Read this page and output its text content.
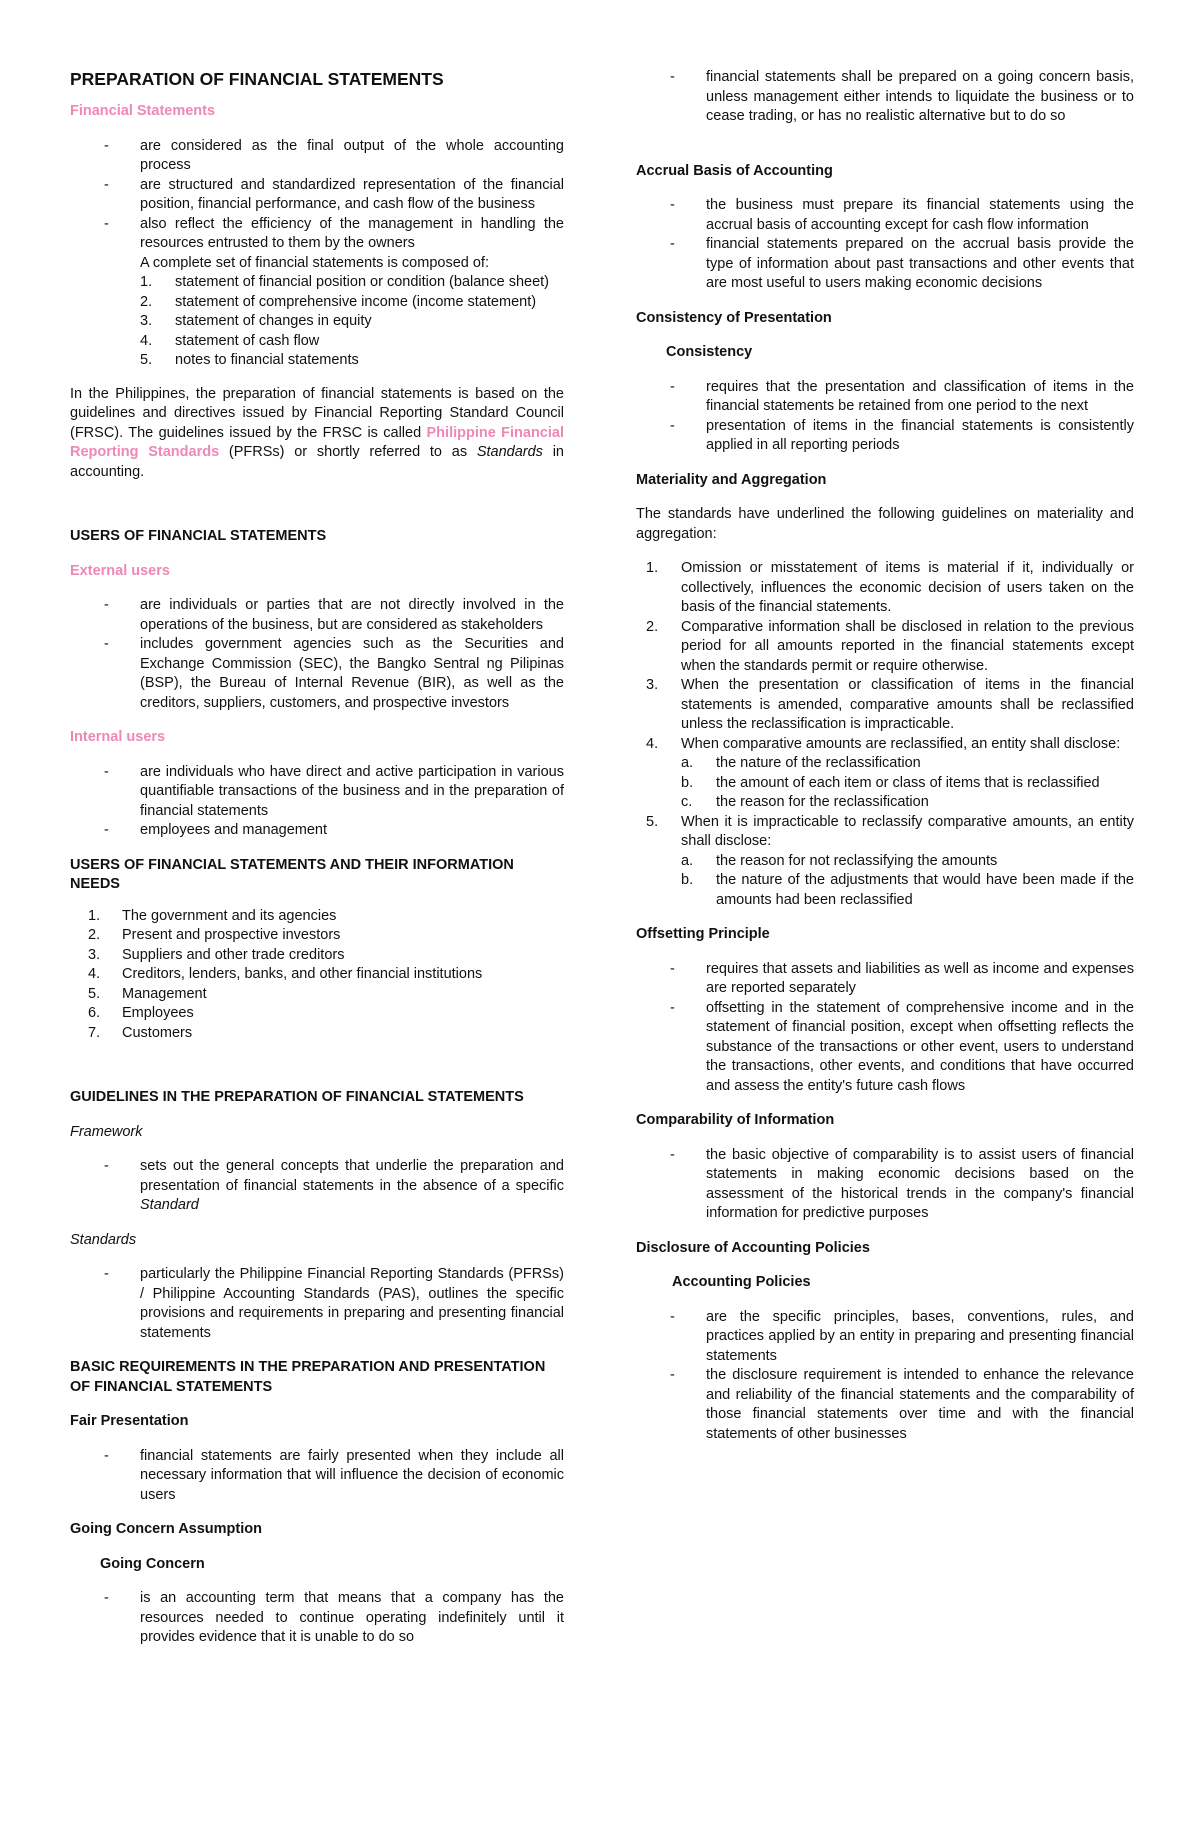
PREPARATION OF FINANCIAL STATEMENTS

Financial Statements

- are considered as the final output of the whole accounting process
- are structured and standardized representation of the financial position, financial performance, and cash flow of the business
- also reflect the efficiency of the management in handling the resources entrusted to them by the owners

A complete set of financial statements is composed of:

1. statement of financial position or condition (balance sheet)
2. statement of comprehensive income (income statement)
3. statement of changes in equity
4. statement of cash flow
5. notes to financial statements

In the Philippines, the preparation of financial statements is based on the guidelines and directives issued by Financial Reporting Standard Council (FRSC). The guidelines issued by the FRSC is called Philippine Financial Reporting Standards (PFRSs) or shortly referred to as Standards in accounting.

USERS OF FINANCIAL STATEMENTS

External users

- are individuals or parties that are not directly involved in the operations of the business, but are considered as stakeholders
- includes government agencies such as the Securities and Exchange Commission (SEC), the Bangko Sentral ng Pilipinas (BSP), the Bureau of Internal Revenue (BIR), as well as the creditors, suppliers, customers, and prospective investors

Internal users

- are individuals who have direct and active participation in various quantifiable transactions of the business and in the preparation of financial statements
- employees and management

USERS OF FINANCIAL STATEMENTS AND THEIR INFORMATION NEEDS

1. The government and its agencies
2. Present and prospective investors
3. Suppliers and other trade creditors
4. Creditors, lenders, banks, and other financial institutions
5. Management
6. Employees
7. Customers

GUIDELINES IN THE PREPARATION OF FINANCIAL STATEMENTS

Framework

- sets out the general concepts that underlie the preparation and presentation of financial statements in the absence of a specific Standard

Standards

- particularly the Philippine Financial Reporting Standards (PFRSs) / Philippine Accounting Standards (PAS), outlines the specific provisions and requirements in preparing and presenting financial statements

BASIC REQUIREMENTS IN THE PREPARATION AND PRESENTATION OF FINANCIAL STATEMENTS

Fair Presentation

- financial statements are fairly presented when they include all necessary information that will influence the decision of economic users

Going Concern Assumption

Going Concern

- is an accounting term that means that a company has the resources needed to continue operating indefinitely until it provides evidence that it is unable to do so
- financial statements shall be prepared on a going concern basis, unless management either intends to liquidate the business or to cease trading, or has no realistic alternative but to do so

Accrual Basis of Accounting

- the business must prepare its financial statements using the accrual basis of accounting except for cash flow information
- financial statements prepared on the accrual basis provide the type of information about past transactions and other events that are most useful to users making economic decisions

Consistency of Presentation

Consistency

- requires that the presentation and classification of items in the financial statements be retained from one period to the next
- presentation of items in the financial statements is consistently applied in all reporting periods

Materiality and Aggregation

The standards have underlined the following guidelines on materiality and aggregation:

1. Omission or misstatement of items is material if it, individually or collectively, influences the economic decision of users taken on the basis of the financial statements.
2. Comparative information shall be disclosed in relation to the previous period for all amounts reported in the financial statements except when the standards permit or require otherwise.
3. When the presentation or classification of items in the financial statements is amended, comparative amounts shall be reclassified unless the reclassification is impracticable.
4. When comparative amounts are reclassified, an entity shall disclose:
a. the nature of the reclassification
b. the amount of each item or class of items that is reclassified
c. the reason for the reclassification
5. When it is impracticable to reclassify comparative amounts, an entity shall disclose:
a. the reason for not reclassifying the amounts
b. the nature of the adjustments that would have been made if the amounts had been reclassified

Offsetting Principle

- requires that assets and liabilities as well as income and expenses are reported separately
- offsetting in the statement of comprehensive income and in the statement of financial position, except when offsetting reflects the substance of the transactions or other event, users to understand the transactions, other events, and conditions that have occurred and assess the entity's future cash flows

Comparability of Information

- the basic objective of comparability is to assist users of financial statements in making economic decisions based on the assessment of the historical trends in the company's financial information for predictive purposes

Disclosure of Accounting Policies

Accounting Policies

- are the specific principles, bases, conventions, rules, and practices applied by an entity in preparing and presenting financial statements
- the disclosure requirement is intended to enhance the relevance and reliability of the financial statements and the comparability of those financial statements over time and with the financial statements of other businesses
